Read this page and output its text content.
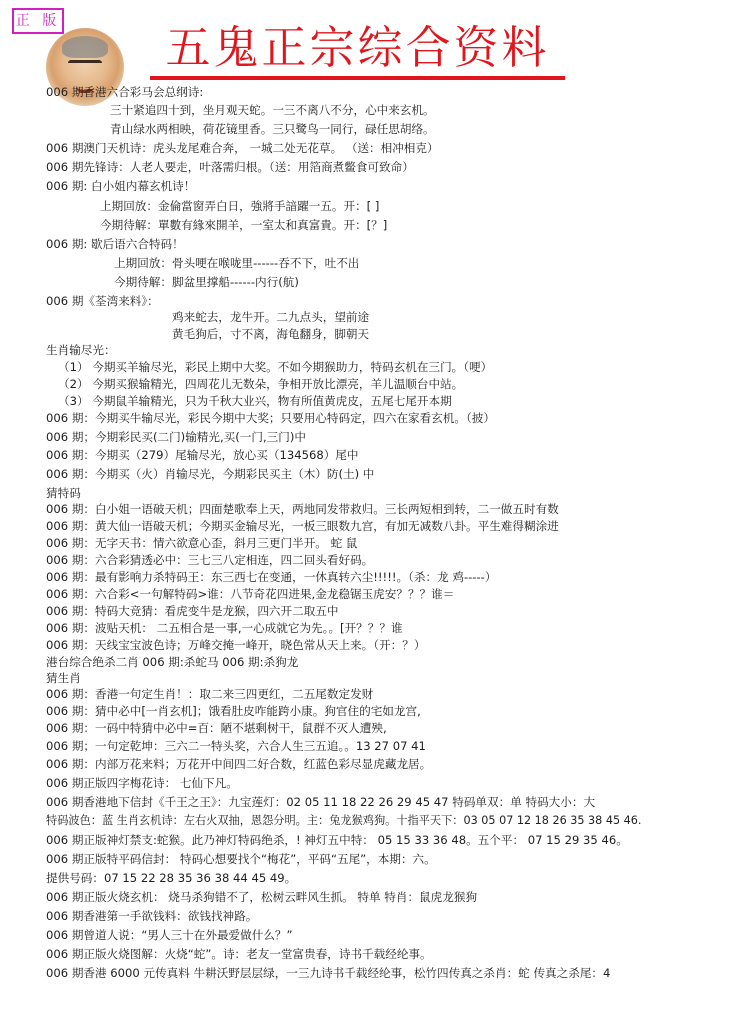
正 版	五鬼正宗综合资料
006 期香港六合彩马会总纲诗:
三十紧追四十到，坐月观天蛇。一三不离八不分，心中来玄机。
青山绿水两相映，荷花镜里香。三只鹭鸟一同行，碌任思胡络。
006 期澳门天机诗：虎头龙尾难合奔， 一城二处无花草。 （送：相冲相克）
006 期先锋诗：人老人要走，叶落需归根。（送：用箔商煮鳖食可致命）
006 期: 白小姐内幕玄机诗！
上期回放：金倫當窗弄白日，強將手諳躍一五。开：[ ]
今期待解：單數有緣來開羊，一室太和真富貴。开：[？]
006 期: 歇后语六合特码！
上期回放：骨头哽在喉咙里------吞不下，吐不出
今期待解：脚盆里撑船------内行(航)
006 期《荃湾来料》：
鸡来蛇去，龙牛开。二九点头，望前途
黄毛狗后，寸不离，海龟翻身，脚朝天
生肖输尽光：
（1） 今期买羊输尽光，彩民上期中大奖。不如今期猴助力，特码玄机在三门。（哽）
（2） 今期买猴输精光，四周花儿无数朵，争相开放比漂亮，羊儿温顺台中站。
（3） 今期鼠羊输精光，只为千秋大业兴，物有所值黄虎皮，五尾七尾开本期
006 期：今期买牛输尽光，彩民今期中大奖；只要用心特码定，四六在家看玄机。（披）
006 期；今期彩民买(二门)输精光,买(一门,三门)中
006 期：今期买（279）尾输尽光，放心买（134568）尾中
006 期：今期买（火）肖输尽光，今期彩民买主（木）防(土) 中
猜特码
006 期：白小姐一语破天机；四面楚歌奉上天，两地同发带救归。三长两短相到转，二一做五时有数
006 期：黄大仙一语破天机；今期买金输尽光，一板三眼数九宫，有加无减数八卦。平生难得糊涂进
006 期：无字天书：情六欲意心歪，斜月三更门半开。 蛇 鼠
006 期：六合彩猜透必中：三七三八定相连，四二回头看好码。
006 期：最有影响力杀特码王：东三西七在变通，一休真转六尘!!!!!。（杀：龙 鸡-----）
006 期：六合彩<一句解特码>谁：八节奇花四进果,金龙稳锯玉虎安？？？谁＝
006 期：特码大竞猜：看虎变牛是龙猴，四六开二取五中
006 期：波贴天机： 二五相合是一事,一心成就它为先。。[开？？？谁
006 期：天线宝宝波色诗；万峰交掩一峰开，晓色常从天上来。（开：？）
港台综合绝杀二肖 006 期:杀蛇马 006 期:杀狗龙
猜生肖
006 期：香港一句定生肖！：取二来三四更红，二五尾数定发财
006 期：猜中必中[一肖玄机]；饿看肚皮咋能跨小康。狗官住的宅如龙宫,
006 期：一码中特猜中必中=百：陋不堪剩树干，鼠群不灭人遭殃,
006 期；一句定乾坤：三六二一特头奖，六合人生三五追。。13 27 07 41
006 期：内部万花来料；万花开中间四二好合数，红蓝色彩尽显虎藏龙居。
006 期正版四字梅花诗： 七仙下凡。
006 期香港地下信封《千王之王》：九宝莲灯：02 05 11 18 22 26 29 45 47 特码单双：单 特码大小：大
特码波色：蓝 生肖玄机诗：左右火双抽，恩怨分明。主：兔龙猴鸡狗。十指平天下：03 05 07 12 18 26 35 38 45 46.
006 期正版神灯禁支:蛇猴。此乃神灯特码绝杀，! 神灯五中特： 05 15 33 36 48。五个平： 07 15 29 35 46。
006 期正版特平码信封： 特码心想要找个“梅花”，平码“五尾”，本期：六。
提供号码：07 15 22 28 35 36 38 44 45 49。
006 期正版火烧玄机： 烧马杀狗错不了，松树云畔风生抓。 特单 特肖：鼠虎龙猴狗
006 期香港第一手欲钱料：欲钱找神路。
006 期曾道人说：“男人三十在外最爱做什么？”
006 期正版火烧图解：火烧“蛇”。诗：老友一堂富贵春，诗书千载经纶事。
006 期香港 6000 元传真料 牛耕沃野层层绿，一三九诗书千载经纶事，松竹四传真之杀肖：蛇 传真之杀尾：4
